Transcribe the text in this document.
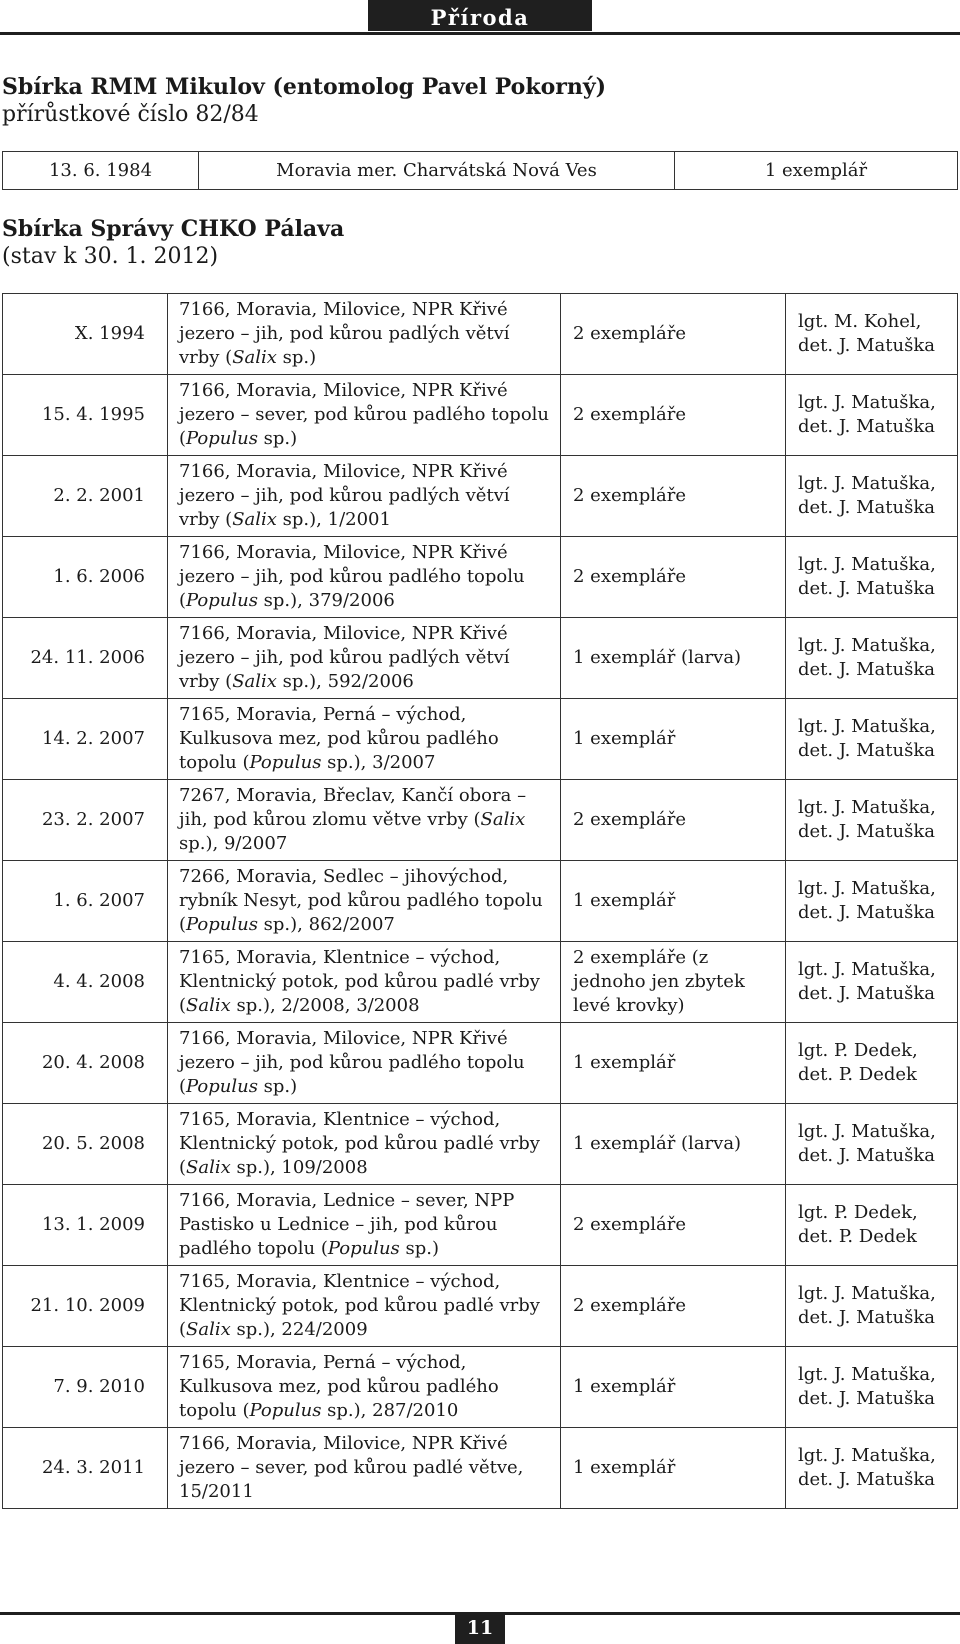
Příroda
Sbírka RMM Mikulov (entomolog Pavel Pokorný)
přírůstkové číslo 82/84
13. 6. 1984	Moravia mer. Charvátská Nová Ves	1 exemplář
Sbírka Správy CHKO Pálava
(stav k 30. 1. 2012)
X. 1994	7166, Moravia, Milovice, NPR Křivé jezero – jih, pod kůrou padlých větví vrby (Salix sp.)	2 exempláře	lgt. M. Kohel,
det. J. Matuška

15. 4. 1995	7166, Moravia, Milovice, NPR Křivé jezero – sever, pod kůrou padlého topolu (Populus sp.)	2 exempláře	lgt. J. Matuška,
det. J. Matuška

2. 2. 2001	7166, Moravia, Milovice, NPR Křivé jezero – jih, pod kůrou padlých větví vrby (Salix sp.), 1/2001	2 exempláře	lgt. J. Matuška,
det. J. Matuška

1. 6. 2006	7166, Moravia, Milovice, NPR Křivé jezero – jih, pod kůrou padlého topolu (Populus sp.), 379/2006	2 exempláře	lgt. J. Matuška,
det. J. Matuška

24. 11. 2006	7166, Moravia, Milovice, NPR Křivé jezero – jih, pod kůrou padlých větví vrby (Salix sp.), 592/2006	1 exemplář (larva)	lgt. J. Matuška,
det. J. Matuška

14. 2. 2007	7165, Moravia, Perná – východ, Kulkusova mez, pod kůrou padlého topolu (Populus sp.), 3/2007	1 exemplář	lgt. J. Matuška,
det. J. Matuška

23. 2. 2007	7267, Moravia, Břeclav, Kančí obora – jih, pod kůrou zlomu větve vrby (Salix sp.), 9/2007	2 exempláře	lgt. J. Matuška,
det. J. Matuška

1. 6. 2007	7266, Moravia, Sedlec – jihovýchod, rybník Nesyt, pod kůrou padlého topolu (Populus sp.), 862/2007	1 exemplář	lgt. J. Matuška,
det. J. Matuška

4. 4. 2008	7165, Moravia, Klentnice – východ, Klentnický potok, pod kůrou padlé vrby (Salix sp.), 2/2008, 3/2008	2 exempláře (z jednoho jen zbytek levé krovky)	lgt. J. Matuška,
det. J. Matuška

20. 4. 2008	7166, Moravia, Milovice, NPR Křivé jezero – jih, pod kůrou padlého topolu (Populus sp.)	1 exemplář	lgt. P. Dedek,
det. P. Dedek

20. 5. 2008	7165, Moravia, Klentnice – východ, Klentnický potok, pod kůrou padlé vrby (Salix sp.), 109/2008	1 exemplář (larva)	lgt. J. Matuška,
det. J. Matuška

13. 1. 2009	7166, Moravia, Lednice – sever, NPP Pastisko u Lednice – jih, pod kůrou padlého topolu (Populus sp.)	2 exempláře	lgt. P. Dedek,
det. P. Dedek

21. 10. 2009	7165, Moravia, Klentnice – východ, Klentnický potok, pod kůrou padlé vrby (Salix sp.), 224/2009	2 exempláře	lgt. J. Matuška,
det. J. Matuška

7. 9. 2010	7165, Moravia, Perná – východ, Kulkusova mez, pod kůrou padlého topolu (Populus sp.), 287/2010	1 exemplář	lgt. J. Matuška,
det. J. Matuška

24. 3. 2011	7166, Moravia, Milovice, NPR Křivé jezero – sever, pod kůrou padlé větve, 15/2011	1 exemplář	lgt. J. Matuška,
det. J. Matuška
11
